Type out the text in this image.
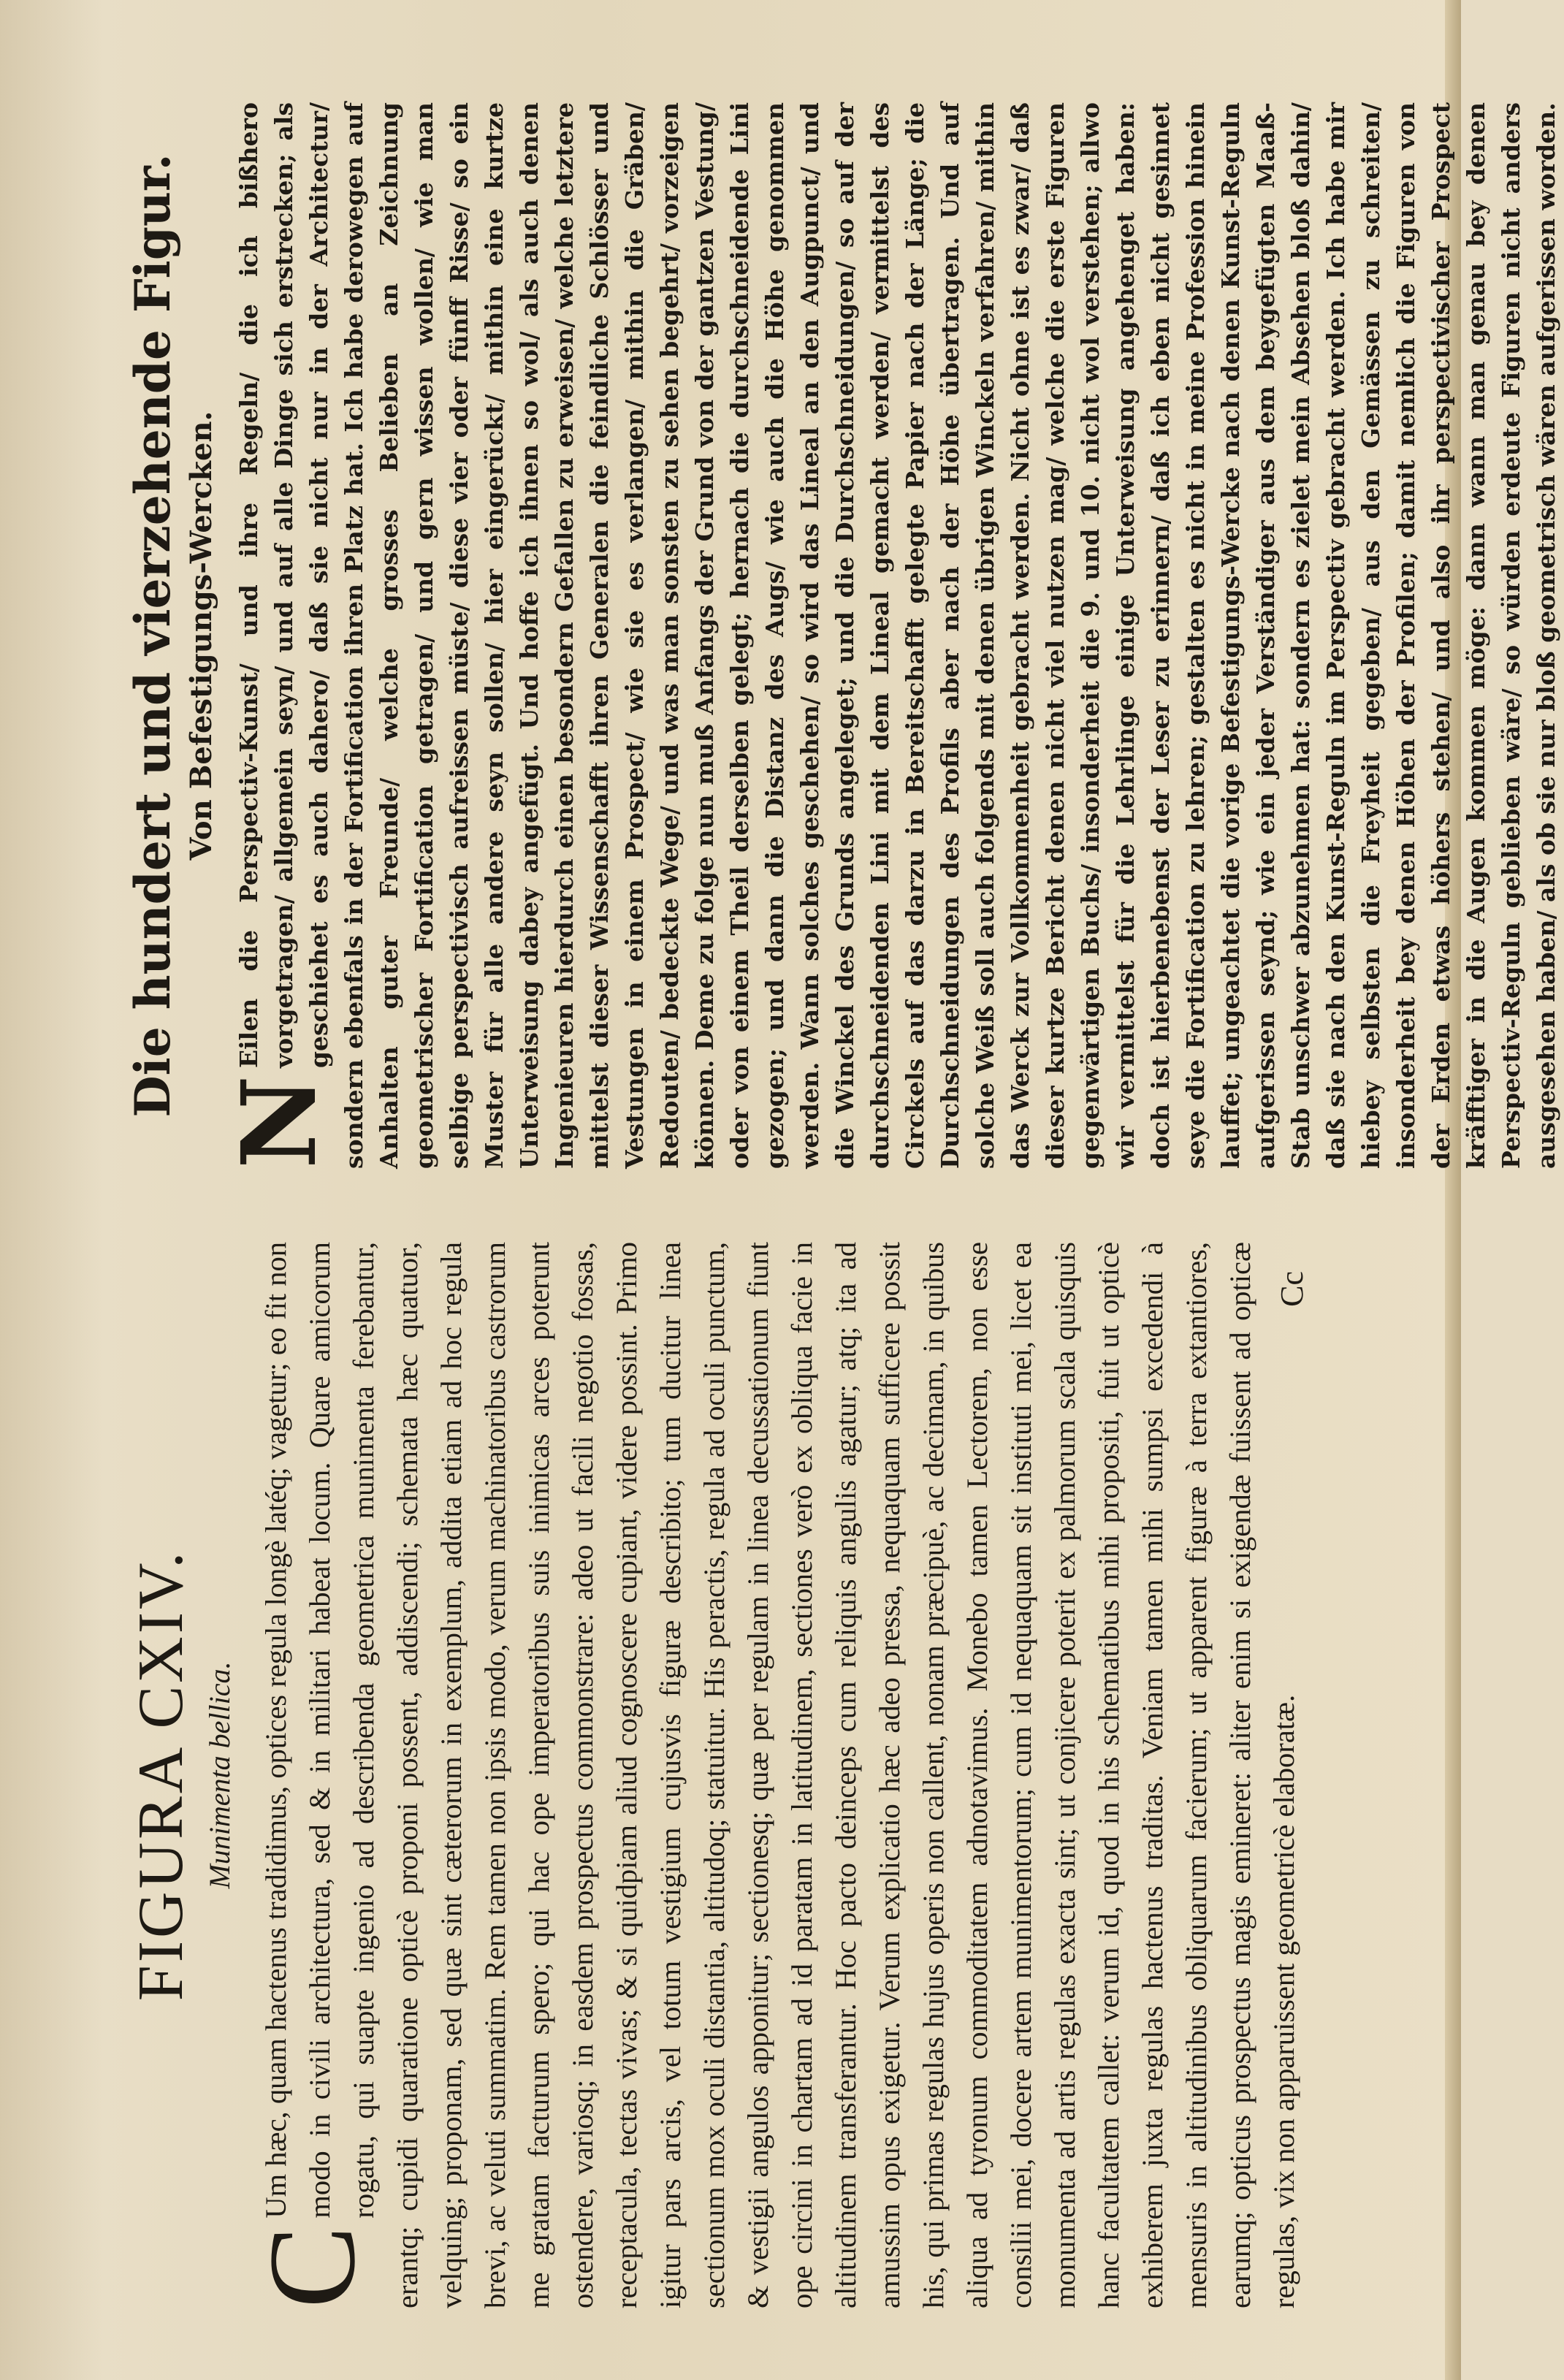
FIGURA CXIV. Munimenta bellica.
C
Um hæc, quam hactenus tradidimus, optices regula longè latéq; vagetur; eo fit non modo in civili architectura, sed & in militari habeat locum. Quare amicorum rogatu, qui suapte ingenio ad describenda geometrica munimenta ferebantur, erantq; cupidi quaratione opticè proponi possent, addiscendi; schemata hæc quatuor, velquing; proponam, sed quæ sint cæterorum in exemplum, addita etiam ad hoc regula brevi, ac veluti summatim. Rem tamen non ipsis modo, verum machinatoribus castrorum me gratam facturum spero; qui hac ope imperatoribus suis inimicas arces poterunt ostendere, variosq; in easdem prospectus commonstrare: adeo ut facili negotio fossas, receptacula, tectas vivas; & si quidpiam aliud cognoscere cupiant, videre possint. Primo igitur pars arcis, vel totum vestigium cujusvis figuræ describito; tum ducitur linea sectionum mox oculi distantia, altitudoq; statuitur. His peractis, regula ad oculi punctum, & vestigii angulos apponitur; sectionesq; quæ per regulam in linea decussationum fiunt ope circini in chartam ad id paratam in latitudinem, sectiones verò ex obliqua facie in altitudinem transferantur. Hoc pacto deinceps cum reliquis angulis agatur; atq; ita ad amussim opus exigetur. Verum explicatio hæc adeo pressa, nequaquam sufficere possit his, qui primas regulas hujus operis non callent, nonam præcipuè, ac decimam, in quibus aliqua ad tyronum commoditatem adnotavimus. Monebo tamen Lectorem, non esse consilii mei, docere artem munimentorum; cum id nequaquam sit instituti mei, licet ea monumenta ad artis regulas exacta sint; ut conjicere poterit ex palmorum scala quisquis hanc facultatem callet: verum id, quod in his schematibus mihi propositi, fuit ut opticè exhiberem juxta regulas hactenus traditas. Veniam tamen mihi sumpsi excedendi à mensuris in altitudinibus obliquarum facierum; ut apparent figuræ à terra extantiores, earumq; opticus prospectus magis emineret: aliter enim si exigendæ fuissent ad opticæ regulas, vix non apparuissent geometricè elaboratæ.
Cc
Die hundert und vierzehende Figur. Von Befestigungs-Wercken.
N
Eilen die Perspectiv-Kunst/ und ihre Regeln/ die ich bißhero vorgetragen/ allgemein seyn/ und auf alle Dinge sich erstrecken; als geschiehet es auch dahero/ daß sie nicht nur in der Architectur/ sondern ebenfals in der Fortification ihren Platz hat. Ich habe derowegen auf Anhalten guter Freunde/ welche grosses Belieben an Zeichnung geometrischer Fortification getragen/ und gern wissen wollen/ wie man selbige perspectivisch aufreissen müste/ diese vier oder fünff Risse/ so ein Muster für alle andere seyn sollen/ hier eingerückt/ mithin eine kurtze Unterweisung dabey angefügt. Und hoffe ich ihnen so wol/ als auch denen Ingenieuren hierdurch einen besondern Gefallen zu erweisen/ welche letztere mittelst dieser Wissenschafft ihren Generalen die feindliche Schlösser und Vestungen in einem Prospect/ wie sie es verlangen/ mithin die Gräben/ Redouten/ bedeckte Wege/ und was man sonsten zu sehen begehrt/ vorzeigen können. Deme zu folge nun muß Anfangs der Grund von der gantzen Vestung/ oder von einem Theil derselben gelegt; hernach die durchschneidende Lini gezogen; und dann die Distanz des Augs/ wie auch die Höhe genommen werden. Wann solches geschehen/ so wird das Lineal an den Augpunct/ und die Winckel des Grunds angeleget; und die Durchschneidungen/ so auf der durchschneidenden Lini mit dem Lineal gemacht werden/ vermittelst des Circkels auf das darzu in Bereitschafft gelegte Papier nach der Länge; die Durchschneidungen des Profils aber nach der Höhe übertragen. Und auf solche Weiß soll auch folgends mit denen übrigen Winckeln verfahren/ mithin das Werck zur Vollkommenheit gebracht werden. Nicht ohne ist es zwar/ daß dieser kurtze Bericht denen nicht viel nutzen mag/ welche die erste Figuren gegenwärtigen Buchs/ insonderheit die 9. und 10. nicht wol verstehen; allwo wir vermittelst für die Lehrlinge einige Unterweisung angehenget haben: doch ist hierbenebenst der Leser zu erinnern/ daß ich eben nicht gesinnet seye die Fortification zu lehren; gestalten es nicht in meine Profession hinein lauffet; ungeachtet die vorige Befestigungs-Wercke nach denen Kunst-Reguln aufgerissen seynd; wie ein jeder Verständiger aus dem beygefügten Maaß-Stab unschwer abzunehmen hat: sondern es zielet mein Absehen bloß dahin/ daß sie nach den Kunst-Reguln im Perspectiv gebracht werden. Ich habe mir hiebey selbsten die Freyheit gegeben/ aus den Gemässen zu schreiten/ insonderheit bey denen Höhen der Profilen; damit nemlich die Figuren von der Erden etwas höhers stehen/ und also ihr perspectivischer Prospect kräfftiger in die Augen kommen möge: dann wann man genau bey denen Perspectiv-Reguln geblieben wäre/ so würden erdeute Figuren nicht anders ausgesehen haben/ als ob sie nur bloß geometrisch wären aufgerissen worden.
